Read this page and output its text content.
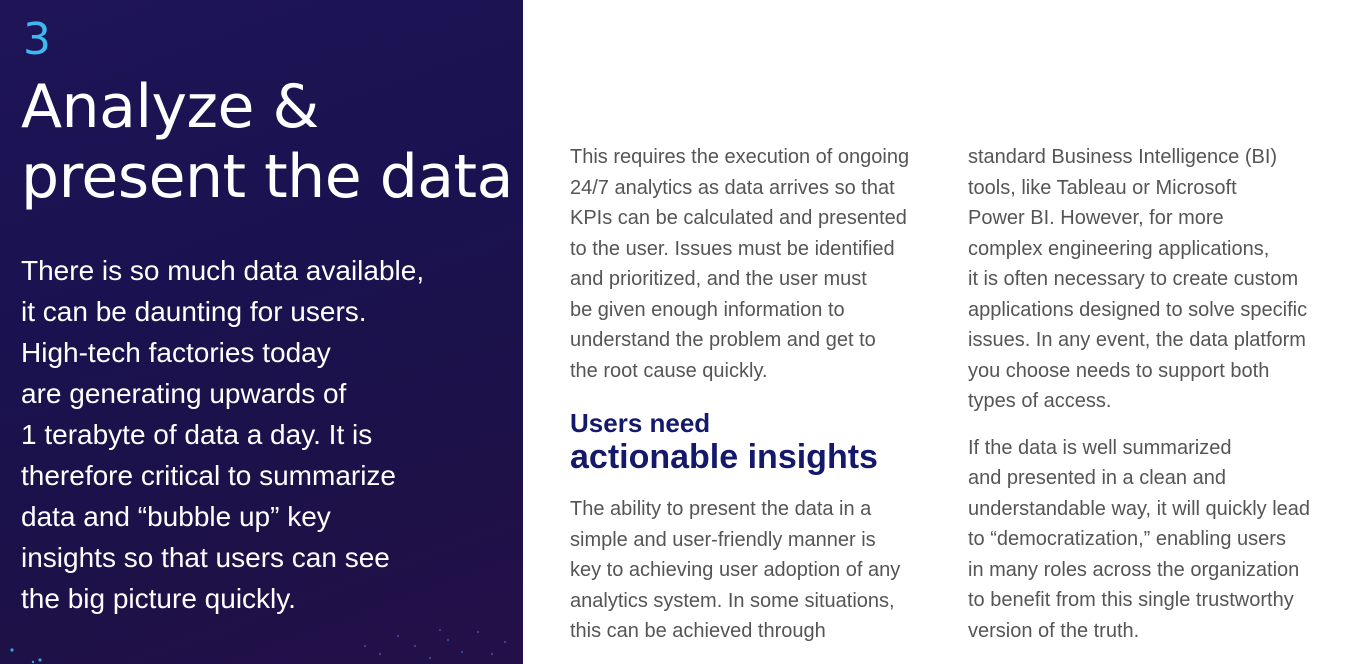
3
Analyze &
present the data

There is so much data available,
it can be daunting for users.
High-tech factories today
are generating upwards of
1 terabyte of data a day. It is
therefore critical to summarize
data and “bubble up” key
insights so that users can see
the big picture quickly.

This requires the execution of ongoing
24/7 analytics as data arrives so that
KPIs can be calculated and presented
to the user. Issues must be identified
and prioritized, and the user must
be given enough information to
understand the problem and get to
the root cause quickly.

Users need
actionable insights

The ability to present the data in a
simple and user-friendly manner is
key to achieving user adoption of any
analytics system. In some situations,
this can be achieved through

standard Business Intelligence (BI)
tools, like Tableau or Microsoft
Power BI. However, for more
complex engineering applications,
it is often necessary to create custom
applications designed to solve specific
issues. In any event, the data platform
you choose needs to support both
types of access.

If the data is well summarized
and presented in a clean and
understandable way, it will quickly lead
to “democratization,” enabling users
in many roles across the organization
to benefit from this single trustworthy
version of the truth.
